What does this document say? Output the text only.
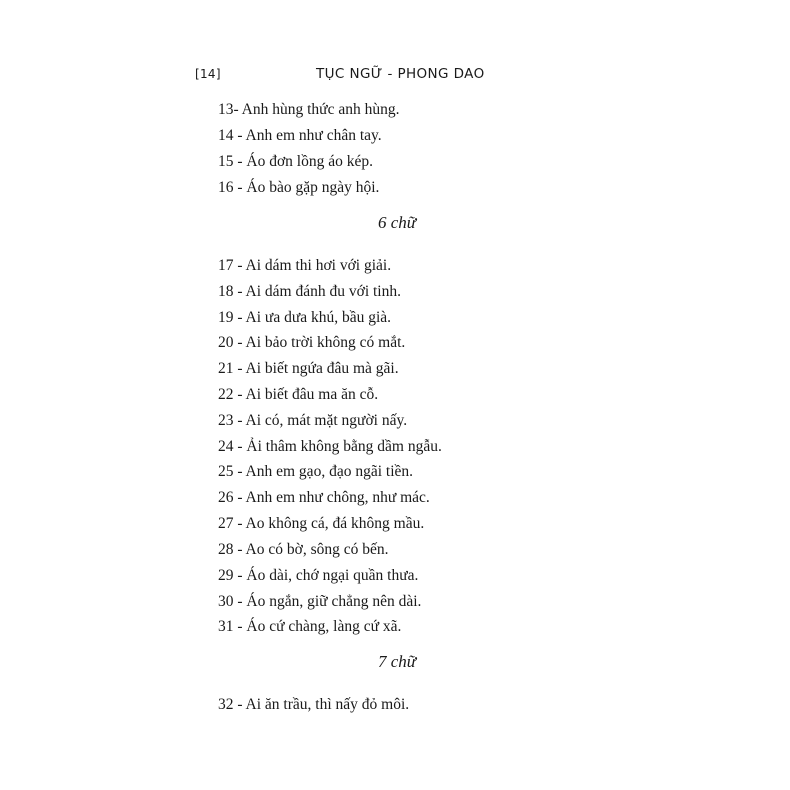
[14]	TỤC NGỮ - PHONG DAO
13- Anh hùng thức anh hùng.
14 - Anh em như chân tay.
15 - Áo đơn lồng áo kép.
16 - Áo bào gặp ngày hội.
6 chữ
17 - Ai dám thi hơi với giải.
18 - Ai dám đánh đu với tinh.
19 - Ai ưa dưa khú, bầu già.
20 - Ai bảo trời không có mắt.
21 - Ai biết ngứa đâu mà gãi.
22 - Ai biết đâu ma ăn cỗ.
23 - Ai có, mát mặt người nấy.
24 - Ải thâm không bằng dầm ngẫu.
25 - Anh em gạo, đạo ngãi tiền.
26 - Anh em như chông, như mác.
27 - Ao không cá, đá không mầu.
28 - Ao có bờ, sông có bến.
29 - Áo dài, chớ ngại quần thưa.
30 - Áo ngắn, giữ chẳng nên dài.
31 - Áo cứ chàng, làng cứ xã.
7 chữ
32 - Ai ăn trầu, thì nấy đỏ môi.
